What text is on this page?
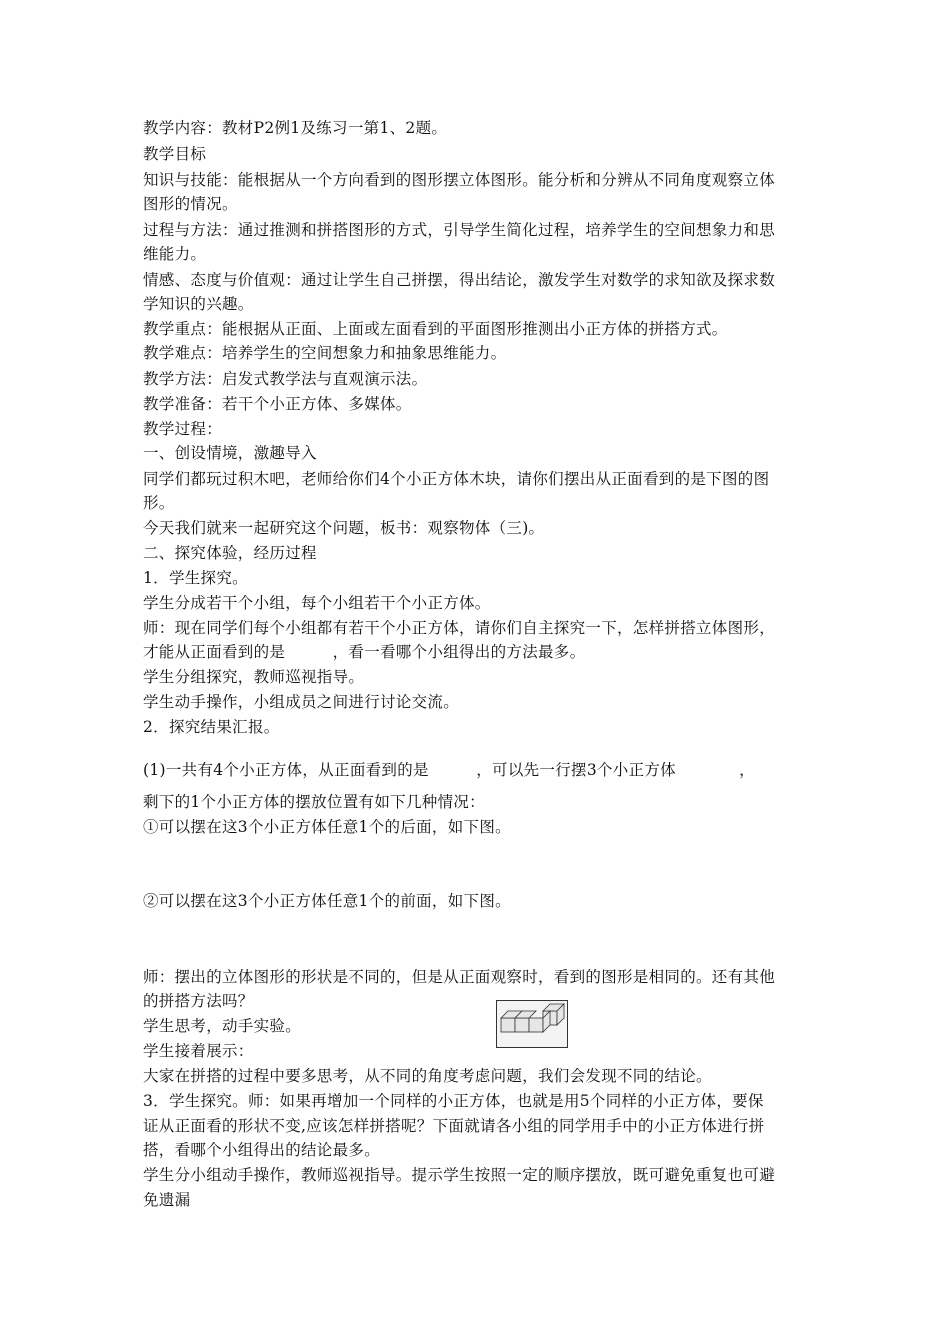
教学内容：教材P2例1及练习一第1、2题。
教学目标
知识与技能：能根据从一个方向看到的图形摆立体图形。能分析和分辨从不同角度观察立体
图形的情况。
过程与方法：通过推测和拼搭图形的方式，引导学生简化过程，培养学生的空间想象力和思
维能力。
情感、态度与价值观：通过让学生自己拼摆，得出结论，激发学生对数学的求知欲及探求数
学知识的兴趣。
教学重点：能根据从正面、上面或左面看到的平面图形推测出小正方体的拼搭方式。
教学难点：培养学生的空间想象力和抽象思维能力。
教学方法：启发式教学法与直观演示法。
教学准备：若干个小正方体、多媒体。
教学过程：
一、创设情境，激趣导入
同学们都玩过积木吧，老师给你们4个小正方体木块，请你们摆出从正面看到的是下图的图
形。
今天我们就来一起研究这个问题，板书：观察物体（三)。
二、探究体验，经历过程
1．学生探究。
学生分成若干个小组，每个小组若干个小正方体。
师：现在同学们每个小组都有若干个小正方体，请你们自主探究一下，怎样拼搭立体图形，
才能从正面看到的是　　　，看一看哪个小组得出的方法最多。
学生分组探究，教师巡视指导。
学生动手操作，小组成员之间进行讨论交流。
2．探究结果汇报。
(1)一共有4个小正方体，从正面看到的是　　　，可以先一行摆3个小正方体　　　　，
剩下的1个小正方体的摆放位置有如下几种情况：
①可以摆在这3个小正方体任意1个的后面，如下图。
②可以摆在这3个小正方体任意1个的前面，如下图。
师：摆出的立体图形的形状是不同的，但是从正面观察时，看到的图形是相同的。还有其他
的拼搭方法吗？
学生思考，动手实验。
学生接着展示：
大家在拼搭的过程中要多思考，从不同的角度考虑问题，我们会发现不同的结论。
3．学生探究。师：如果再增加一个同样的小正方体，也就是用5个同样的小正方体，要保
证从正面看的形状不变,应该怎样拼搭呢？下面就请各小组的同学用手中的小正方体进行拼
搭，看哪个小组得出的结论最多。
学生分小组动手操作，教师巡视指导。提示学生按照一定的顺序摆放，既可避免重复也可避
免遗漏
